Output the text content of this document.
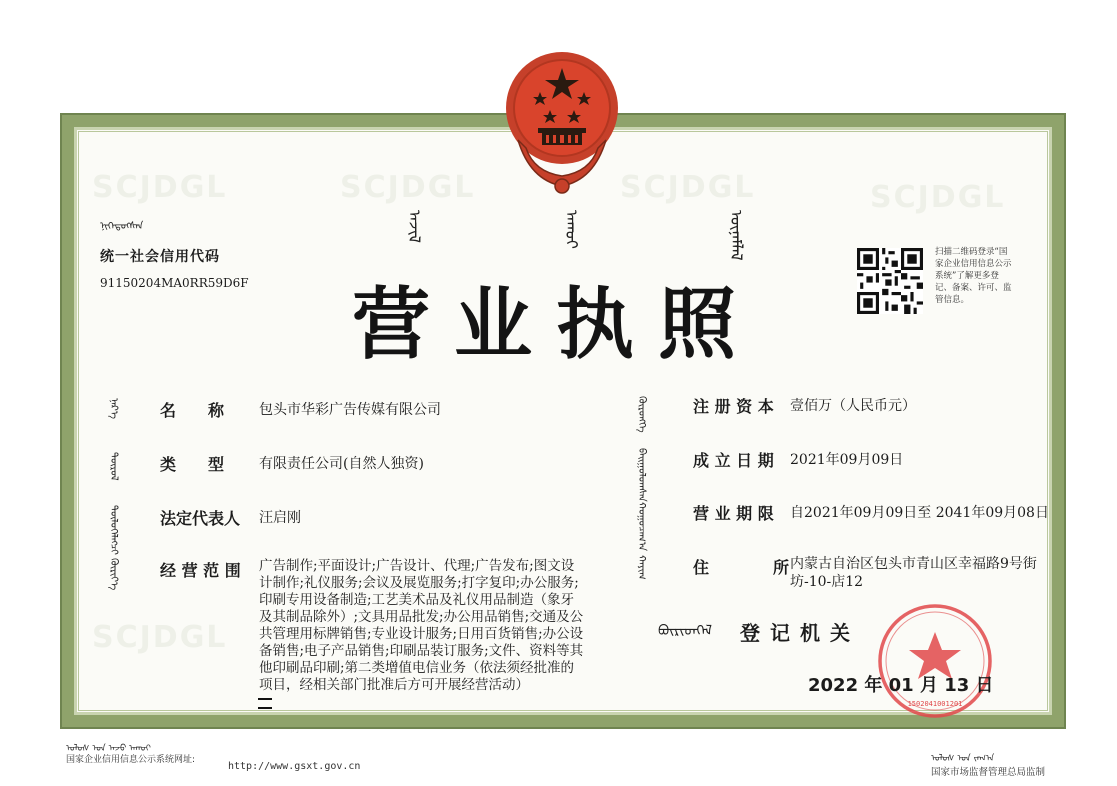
SCJDGL	SCJDGL	SCJDGL	SCJDGL
SCJDGL
ᠨᠢᠭᠡᠳᠦᠭᠰᠡᠨ	ᠠᠵᠢᠯ	ᠠᠬᠤᠢ	ᠦᠨᠡᠮᠯᠡᠯ
统一社会信用代码
91150204MA0RR59D6F 营业执照
扫描二维码登录“国家企业信用信息公示系统”了解更多登记、备案、许可、监管信息。
ᠨᠡᠷ᠎ᠡ	名　　称 包头市华彩广告传媒有限公司
ᠲᠦᠷᠦᠯ	类　　型 有限责任公司(自然人独资)
ᠲᠥᠯᠥᠭᠡᠯᠡᠭᠴᠢ	法定代表人 汪启刚
ᠬᠦᠷᠢᠶ᠎ᠡ	经 营 范 围 广告制作;平面设计;广告设计、代理;广告发布;图文设计制作;礼仪服务;会议及展览服务;打字复印;办公服务;印刷专用设备制造;工艺美术品及礼仪用品制造（象牙及其制品除外）;文具用品批发;办公用品销售;交通及公共管理用标牌销售;专业设计服务;日用百货销售;办公设备销售;电子产品销售;印刷品装订服务;文件、资料等其他印刷品印刷;第二类增值电信业务（依法须经批准的项目，经相关部门批准后方可开展经营活动）
ᠬᠥᠷᠥᠩᠭᠡ	注 册 资 本 壹佰万（人民币元）
ᠪᠠᠢᠭᠤᠯᠤᠭᠰᠠᠨ	成 立 日 期 2021年09月09日
ᠬᠤᠭᠤᠴᠠᠭ᠎ᠠ	营 业 期 限 自2021年09月09日至 2041年09月08日
ᠬᠠᠶᠢᠭ	住　　　　所 内蒙古自治区包头市青山区幸福路9号街坊-10-店12
ᠪᠦᠷᠢᠳᠬᠡᠯ 登记机关
1502041001201
2022 年 01 月 13 日
ᠤᠯᠤᠰ ᠤᠨ ᠠᠵᠤ ᠠᠬᠤᠢ
国家企业信用信息公示系统网址:
http://www.gsxt.gov.cn
ᠤᠯᠤᠰ ᠤᠨ ᠵᠠᠬ᠎ᠠ
国家市场监督管理总局监制
